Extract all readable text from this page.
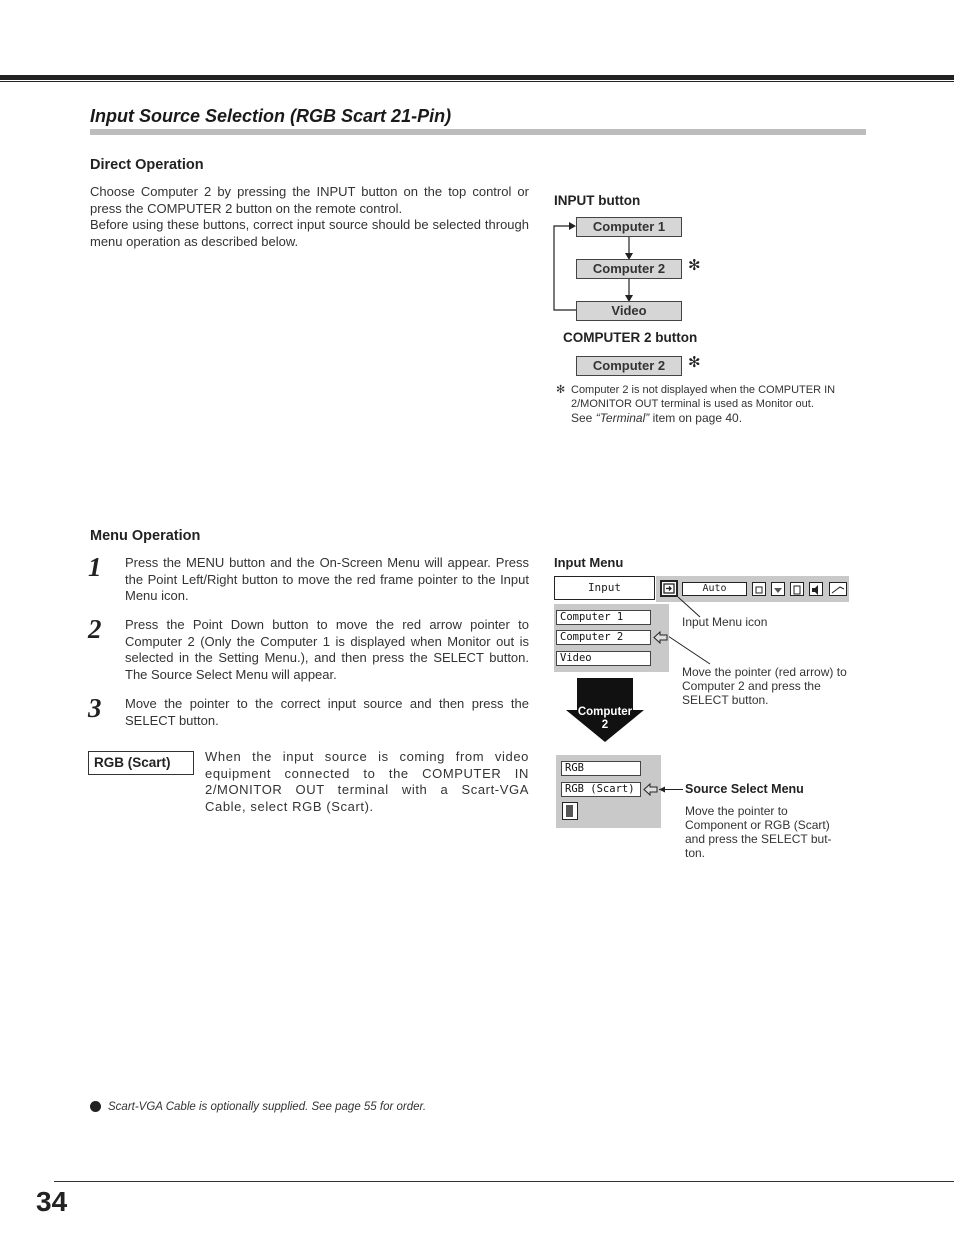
Input Source Selection (RGB Scart 21-Pin)
Direct Operation
Choose Computer 2 by pressing the INPUT button on the top control or press the COMPUTER 2 button on the remote control.
Before using these buttons, correct input source should be selected through menu operation as described below.
INPUT button
Computer 1
Computer 2	✻
Video
COMPUTER 2 button
Computer 2	✻
✻ Computer 2 is not displayed when the COMPUTER IN
2/MONITOR OUT terminal is used as Monitor out.
See “Terminal” item on page 40.
Menu Operation
1 Press the MENU button and the On-Screen Menu will appear. Press the Point Left/Right button to move the red frame pointer to the Input Menu icon.
2 Press the Point Down button to move the red arrow pointer to Computer 2 (Only the Computer 1 is displayed when Monitor out is selected in the Setting Menu.), and then press the SELECT button. The Source Select Menu will appear.
3 Move the pointer to the correct input source and then press the SELECT button.
RGB (Scart)	When the input source is coming from video equipment connected to the COMPUTER IN 2/MONITOR OUT terminal with a Scart-VGA Cable, select RGB (Scart).
Input Menu
Input	Auto
Computer 1
Computer 2
Video
Input Menu icon
Move the pointer (red arrow) to Computer 2 and press the SELECT button.
Computer
2
RGB
RGB (Scart)	Source Select Menu
Move the pointer to Component or RGB (Scart) and press the SELECT but-ton.
Scart-VGA Cable is optionally supplied. See page 55 for order.
34
